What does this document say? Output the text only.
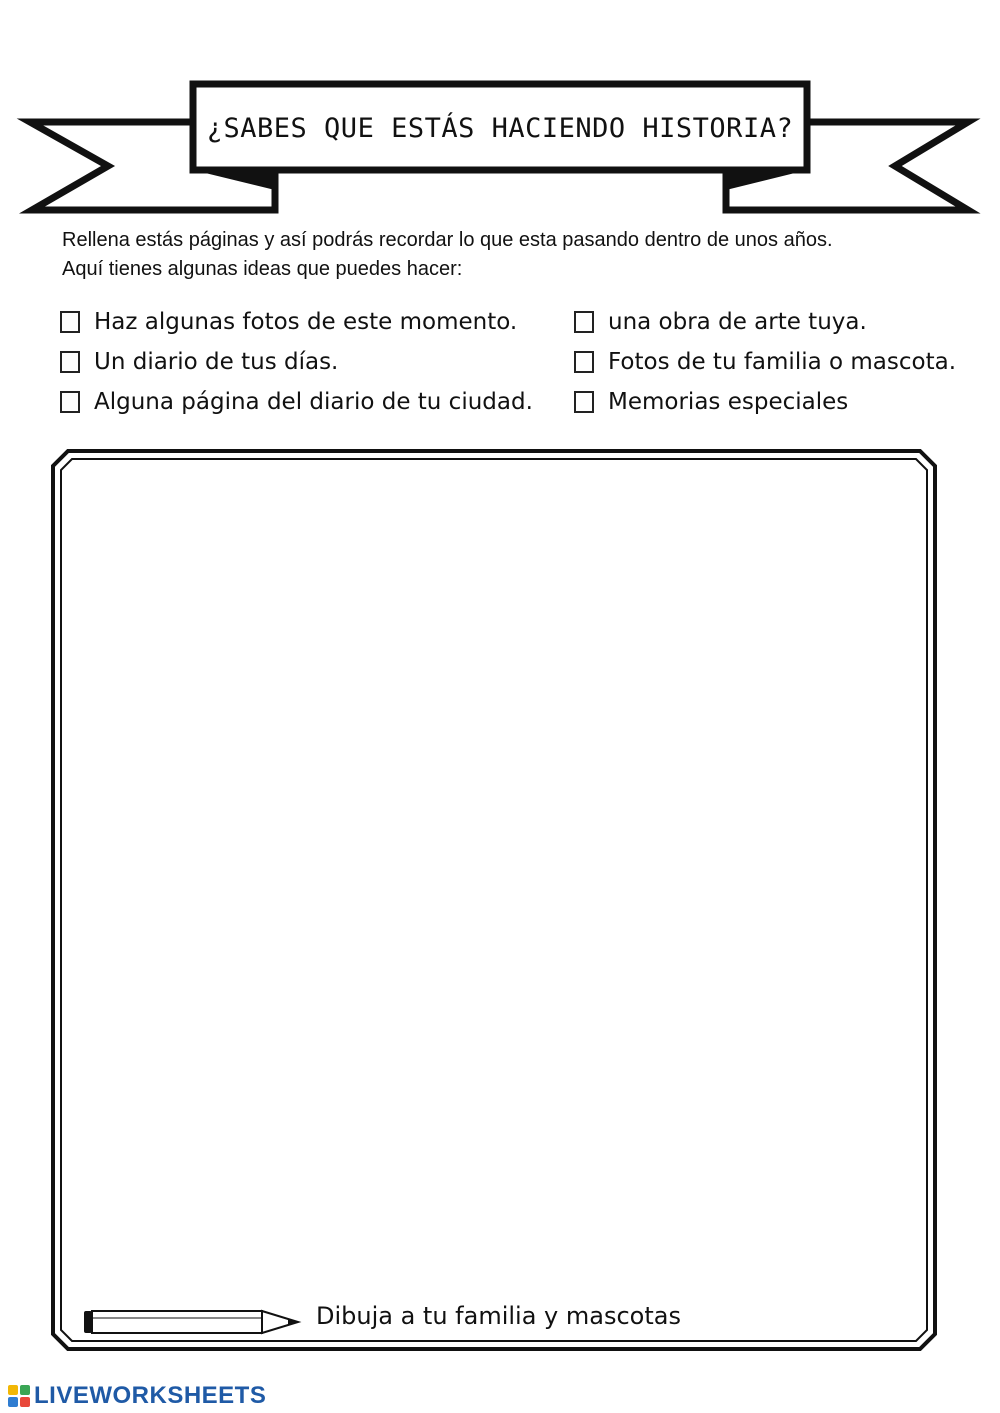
¿SABES QUE ESTÁS HACIENDO HISTORIA?
Rellena estás páginas y así podrás recordar lo que esta pasando dentro de unos años.
Aquí tienes algunas ideas que puedes hacer:
Haz algunas fotos de este momento.
Un diario de tus días.
Alguna página del diario de tu ciudad.
una obra de arte tuya.
Fotos de tu familia o mascota.
Memorias especiales
Dibuja a tu familia y mascotas
LIVEWORKSHEETS
